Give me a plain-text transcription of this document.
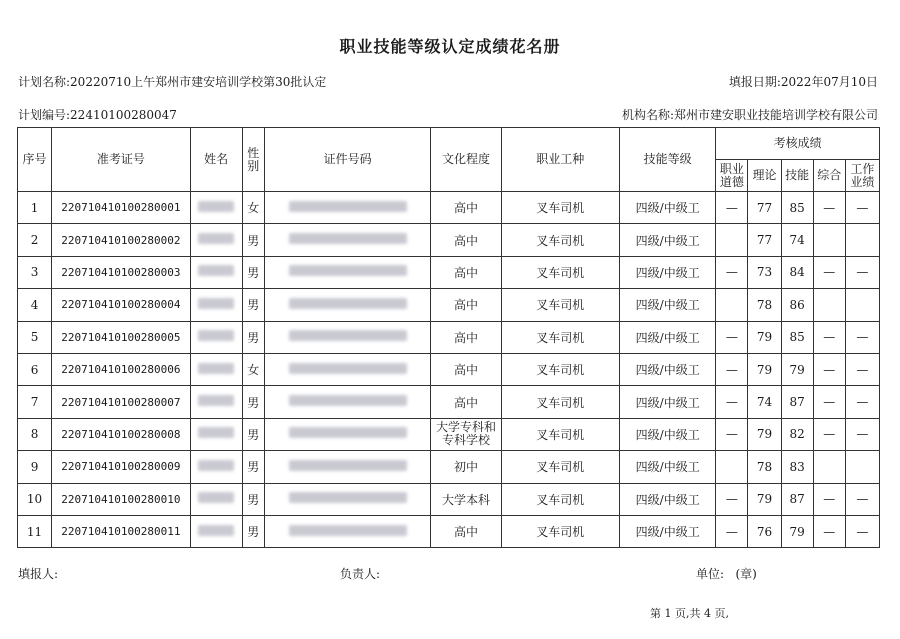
职业技能等级认定成绩花名册
计划名称:20220710上午郑州市建安培训学校第30批认定	填报日期:2022年07月10日
计划编号:22410100280047	机构名称:郑州市建安职业技能培训学校有限公司
序号	准考证号	姓名	性别	证件号码	文化程度	职业工种	技能等级	考核成绩				
								职业道德	理论	技能	综合	工作业绩
1	220710410100280001		女		高中	叉车司机	四级/中级工	—	77	85	—	—
2	220710410100280002		男		高中	叉车司机	四级/中级工		77	74		
3	220710410100280003		男		高中	叉车司机	四级/中级工	—	73	84	—	—
4	220710410100280004		男		高中	叉车司机	四级/中级工		78	86		
5	220710410100280005		男		高中	叉车司机	四级/中级工	—	79	85	—	—
6	220710410100280006		女		高中	叉车司机	四级/中级工	—	79	79	—	—
7	220710410100280007		男		高中	叉车司机	四级/中级工	—	74	87	—	—
8	220710410100280008		男		大学专科和专科学校	叉车司机	四级/中级工	—	79	82	—	—
9	220710410100280009		男		初中	叉车司机	四级/中级工		78	83		
10	220710410100280010		男		大学本科	叉车司机	四级/中级工	—	79	87	—	—
11	220710410100280011		男		高中	叉车司机	四级/中级工	—	76	79	—	—
填报人:	负责人:	单位: (章)
第 1 页,共 4 页,
